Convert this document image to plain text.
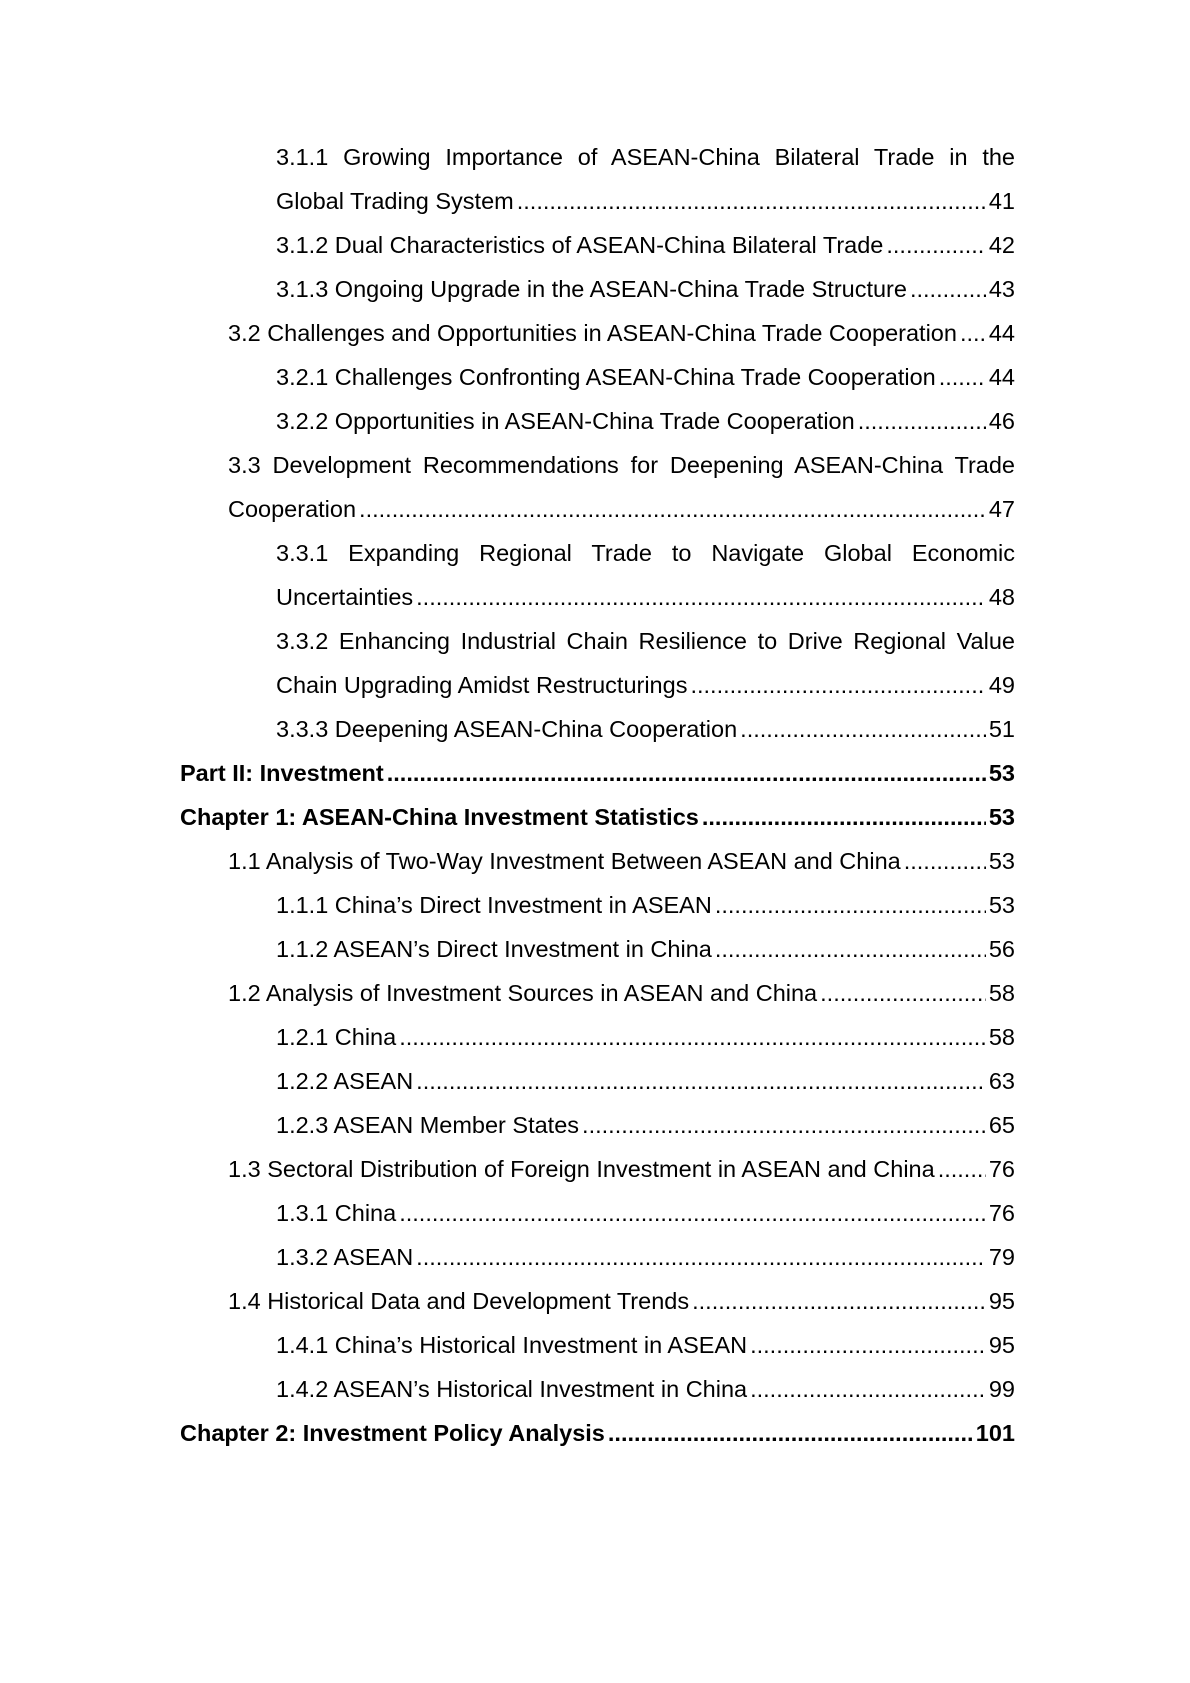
3.1.1 Growing Importance of ASEAN-China Bilateral Trade in the
Global Trading System .....	41
3.1.2 Dual Characteristics of ASEAN-China Bilateral Trade .....	42
3.1.3 Ongoing Upgrade in the ASEAN-China Trade Structure .....	43
3.2 Challenges and Opportunities in ASEAN-China Trade Cooperation ..... 44
3.2.1 Challenges Confronting ASEAN-China Trade Cooperation ..... 44
3.2.2 Opportunities in ASEAN-China Trade Cooperation .....	46
3.3 Development Recommendations for Deepening ASEAN-China Trade
Cooperation .....	47
3.3.1 Expanding Regional Trade to Navigate Global Economic
Uncertainties .....	48
3.3.2 Enhancing Industrial Chain Resilience to Drive Regional Value
Chain Upgrading Amidst Restructurings .....	49
3.3.3 Deepening ASEAN-China Cooperation .....	51
Part II: Investment .....	53
Chapter 1: ASEAN-China Investment Statistics .....	53
1.1 Analysis of Two-Way Investment Between ASEAN and China .....	53
1.1.1 China’s Direct Investment in ASEAN .....	53
1.1.2 ASEAN’s Direct Investment in China .....	56
1.2 Analysis of Investment Sources in ASEAN and China .....	58
1.2.1 China .....	58
1.2.2 ASEAN .....	63
1.2.3 ASEAN Member States .....	65
1.3 Sectoral Distribution of Foreign Investment in ASEAN and China ..... 76
1.3.1 China .....	76
1.3.2 ASEAN .....	79
1.4 Historical Data and Development Trends .....	95
1.4.1 China’s Historical Investment in ASEAN .....	95
1.4.2 ASEAN’s Historical Investment in China .....	99
Chapter 2: Investment Policy Analysis .....	101
